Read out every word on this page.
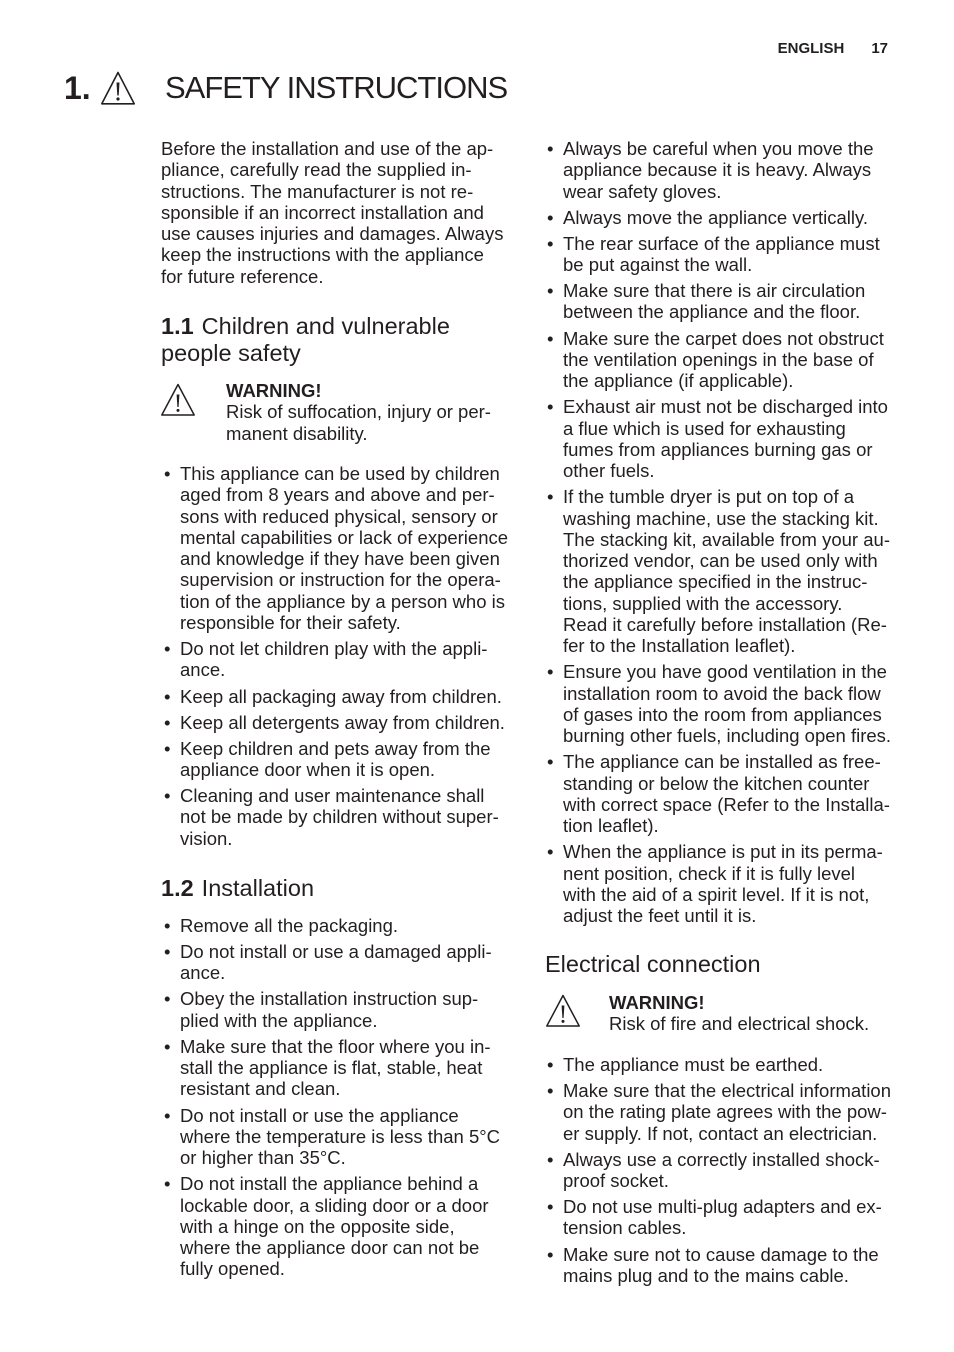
ENGLISH 17
1. SAFETY INSTRUCTIONS
Before the installation and use of the ap-
pliance, carefully read the supplied in-
structions. The manufacturer is not re-
sponsible if an incorrect installation and
use causes injuries and damages. Always
keep the instructions with the appliance
for future reference.
1.1 Children and vulnerable
people safety
WARNING!
Risk of suffocation, injury or per-
manent disability.
• This appliance can be used by children
aged from 8 years and above and per-
sons with reduced physical, sensory or
mental capabilities or lack of experience
and knowledge if they have been given
supervision or instruction for the opera-
tion of the appliance by a person who is
responsible for their safety.
• Do not let children play with the appli-
ance.
• Keep all packaging away from children.
• Keep all detergents away from children.
• Keep children and pets away from the
appliance door when it is open.
• Cleaning and user maintenance shall
not be made by children without super-
vision.
1.2 Installation
• Remove all the packaging.
• Do not install or use a damaged appli-
ance.
• Obey the installation instruction sup-
plied with the appliance.
• Make sure that the floor where you in-
stall the appliance is flat, stable, heat
resistant and clean.
• Do not install or use the appliance
where the temperature is less than 5°C
or higher than 35°C.
• Do not install the appliance behind a
lockable door, a sliding door or a door
with a hinge on the opposite side,
where the appliance door can not be
fully opened.
• Always be careful when you move the
appliance because it is heavy. Always
wear safety gloves.
• Always move the appliance vertically.
• The rear surface of the appliance must
be put against the wall.
• Make sure that there is air circulation
between the appliance and the floor.
• Make sure the carpet does not obstruct
the ventilation openings in the base of
the appliance (if applicable).
• Exhaust air must not be discharged into
a flue which is used for exhausting
fumes from appliances burning gas or
other fuels.
• If the tumble dryer is put on top of a
washing machine, use the stacking kit.
The stacking kit, available from your au-
thorized vendor, can be used only with
the appliance specified in the instruc-
tions, supplied with the accessory.
Read it carefully before installation (Re-
fer to the Installation leaflet).
• Ensure you have good ventilation in the
installation room to avoid the back flow
of gases into the room from appliances
burning other fuels, including open fires.
• The appliance can be installed as free-
standing or below the kitchen counter
with correct space (Refer to the Installa-
tion leaflet).
• When the appliance is put in its perma-
nent position, check if it is fully level
with the aid of a spirit level. If it is not,
adjust the feet until it is.
Electrical connection
WARNING!
Risk of fire and electrical shock.
• The appliance must be earthed.
• Make sure that the electrical information
on the rating plate agrees with the pow-
er supply. If not, contact an electrician.
• Always use a correctly installed shock-
proof socket.
• Do not use multi-plug adapters and ex-
tension cables.
• Make sure not to cause damage to the
mains plug and to the mains cable.
